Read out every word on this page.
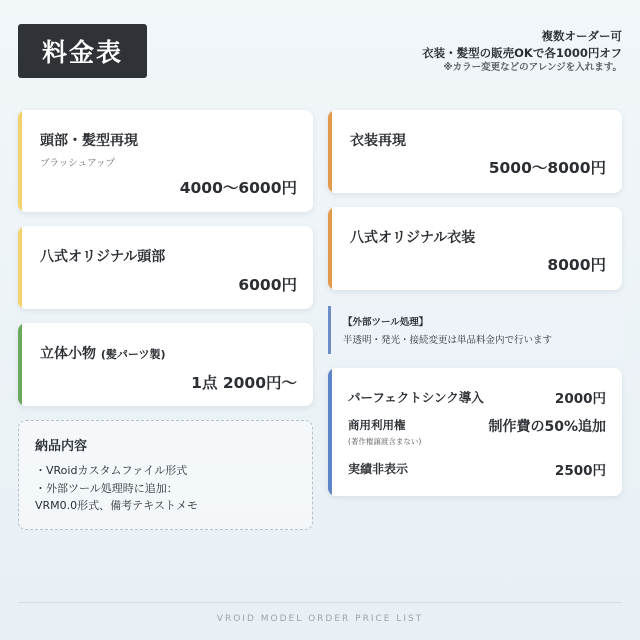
料金表
複数オーダー可
衣装・髪型の販売OKで各1000円オフ
※カラー変更などのアレンジを入れます。
頭部・髪型再現
ブラッシュアップ
4000〜6000円
八式オリジナル頭部
6000円
立体小物 (髪パーツ製)
1点 2000円〜
納品内容
・VRoidカスタムファイル形式
・外部ツール処理時に追加：
VRM0.0形式、備考テキストメモ
衣装再現
5000〜8000円
八式オリジナル衣装
8000円
【外部ツール処理】
半透明・発光・接続変更は単品料金内で行います
パーフェクトシンク導入	2000円
商用利用権
(著作権譲渡含まない)
制作費の50%追加
実績非表示	2500円
VROID MODEL ORDER PRICE LIST
